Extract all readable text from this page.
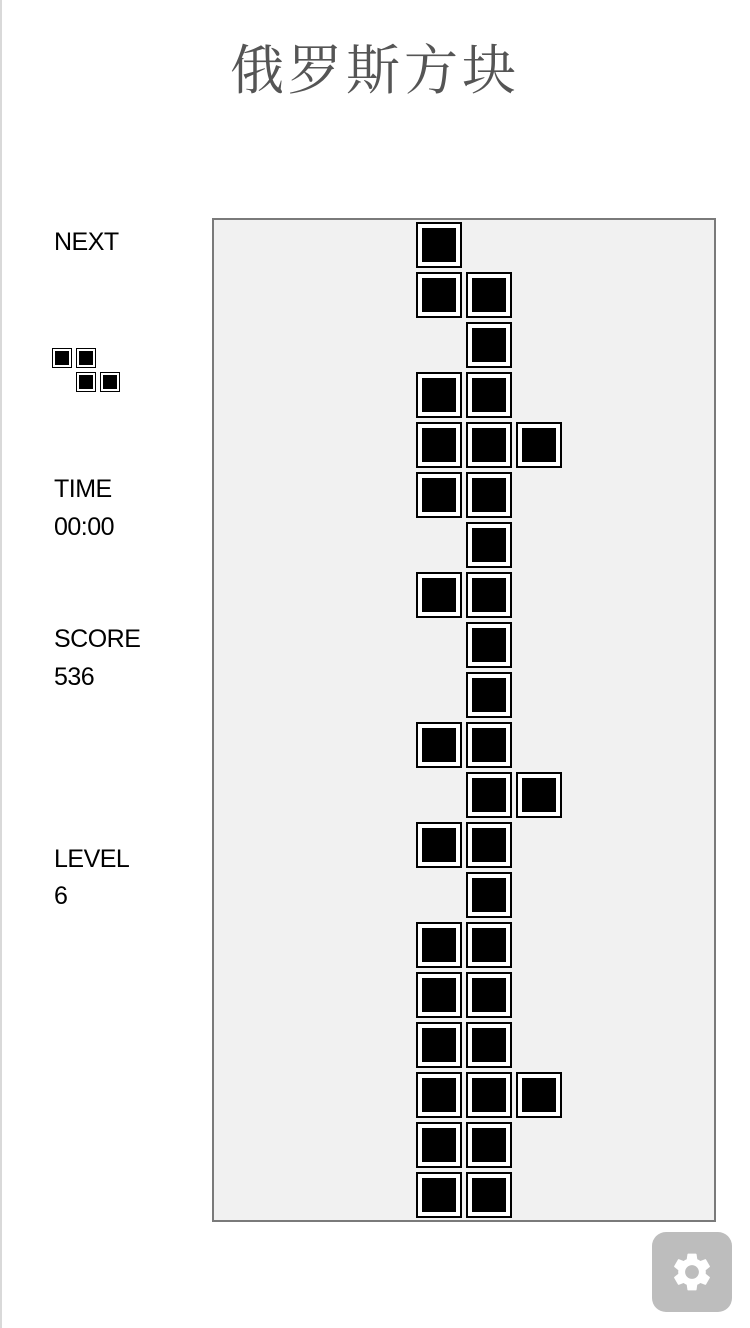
俄罗斯方块
NEXT
TIME
00:00
SCORE
536
LEVEL
6
